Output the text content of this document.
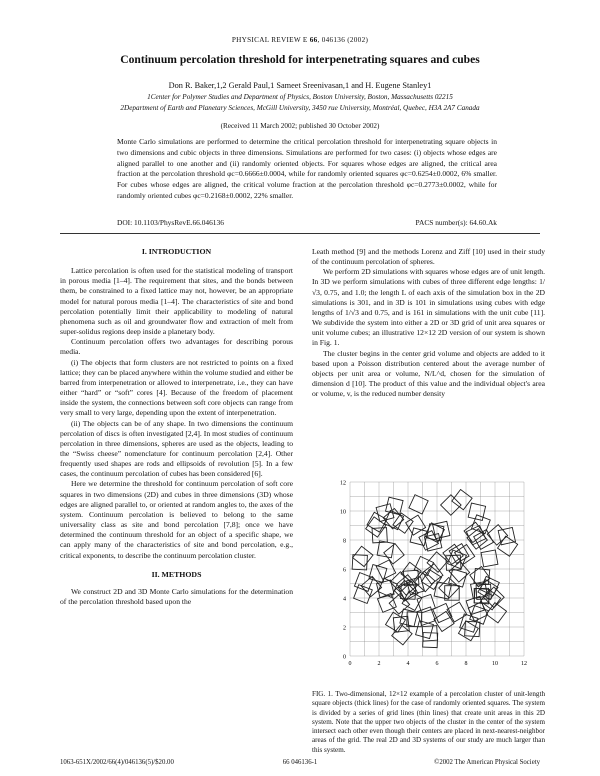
PHYSICAL REVIEW E 66, 046136 (2002)
Continuum percolation threshold for interpenetrating squares and cubes
Don R. Baker,1,2 Gerald Paul,1 Sameet Sreenivasan,1 and H. Eugene Stanley1
1Center for Polymer Studies and Department of Physics, Boston University, Boston, Massachusetts 02215
2Department of Earth and Planetary Sciences, McGill University, 3450 rue University, Montréal, Quebec, H3A 2A7 Canada
(Received 11 March 2002; published 30 October 2002)
Monte Carlo simulations are performed to determine the critical percolation threshold for interpenetrating square objects in two dimensions and cubic objects in three dimensions. Simulations are performed for two cases: (i) objects whose edges are aligned parallel to one another and (ii) randomly oriented objects. For squares whose edges are aligned, the critical area fraction at the percolation threshold φc=0.6666±0.0004, while for randomly oriented squares φc=0.6254±0.0002, 6% smaller. For cubes whose edges are aligned, the critical volume fraction at the percolation threshold φc=0.2773±0.0002, while for randomly oriented cubes φc=0.2168±0.0002, 22% smaller.
DOI: 10.1103/PhysRevE.66.046136	PACS number(s): 64.60.Ak
I. INTRODUCTION

Lattice percolation is often used for the statistical modeling of transport in porous media [1–4]. The requirement that sites, and the bonds between them, be constrained to a fixed lattice may not, however, be an appropriate model for natural porous media [1–4]. The characteristics of site and bond percolation potentially limit their applicability to modeling of natural phenomena such as oil and groundwater flow and extraction of melt from super-solidus regions deep inside a planetary body.

Continuum percolation offers two advantages for describing porous media.

(i) The objects that form clusters are not restricted to points on a fixed lattice; they can be placed anywhere within the volume studied and either be barred from interpenetration or allowed to interpenetrate, i.e., they can have either “hard” or “soft” cores [4]. Because of the freedom of placement inside the system, the connections between soft core objects can range from very small to very large, depending upon the extent of interpenetration.

(ii) The objects can be of any shape. In two dimensions the continuum percolation of discs is often investigated [2,4]. In most studies of continuum percolation in three dimensions, spheres are used as the objects, leading to the “Swiss cheese” nomenclature for continuum percolation [2,4]. Other frequently used shapes are rods and ellipsoids of revolution [5]. In a few cases, the continuum percolation of cubes has been considered [6].

Here we determine the threshold for continuum percolation of soft core squares in two dimensions (2D) and cubes in three dimensions (3D) whose edges are aligned parallel to, or oriented at random angles to, the axes of the system. Continuum percolation is believed to belong to the same universality class as site and bond percolation [7,8]; once we have determined the continuum threshold for an object of a specific shape, we can apply many of the characteristics of site and bond percolation, e.g., critical exponents, to describe the continuum percolation cluster.

II. METHODS

We construct 2D and 3D Monte Carlo simulations for the determination of the percolation threshold based upon the

Leath method [9] and the methods Lorenz and Ziff [10] used in their study of the continuum percolation of spheres.

We perform 2D simulations with squares whose edges are of unit length. In 3D we perform simulations with cubes of three different edge lengths: 1/√3, 0.75, and 1.0; the length L of each axis of the simulation box in the 2D simulations is 301, and in 3D is 101 in simulations using cubes with edge lengths of 1/√3 and 0.75, and is 161 in simulations with the unit cube [11]. We subdivide the system into either a 2D or 3D grid of unit area squares or unit volume cubes; an illustrative 12×12 2D version of our system is shown in Fig. 1.

The cluster begins in the center grid volume and objects are added to it based upon a Poisson distribution centered about the average number of objects per unit area or volume, N/L^d, chosen for the simulation of dimension d [10]. The product of this value and the individual object's area or volume, v, is the reduced number density

12
10
8
6
4
2
0
0	2	4	6	8	10	12
FIG. 1. Two-dimensional, 12×12 example of a percolation cluster of unit-length square objects (thick lines) for the case of randomly oriented squares. The system is divided by a series of grid lines (thin lines) that create unit areas in this 2D system. Note that the upper two objects of the cluster in the center of the system intersect each other even though their centers are placed in next-nearest-neighbor areas of the grid. The real 2D and 3D systems of our study are much larger than this system.
1063-651X/2002/66(4)/046136(5)/$20.00	66 046136-1	©2002 The American Physical Society
